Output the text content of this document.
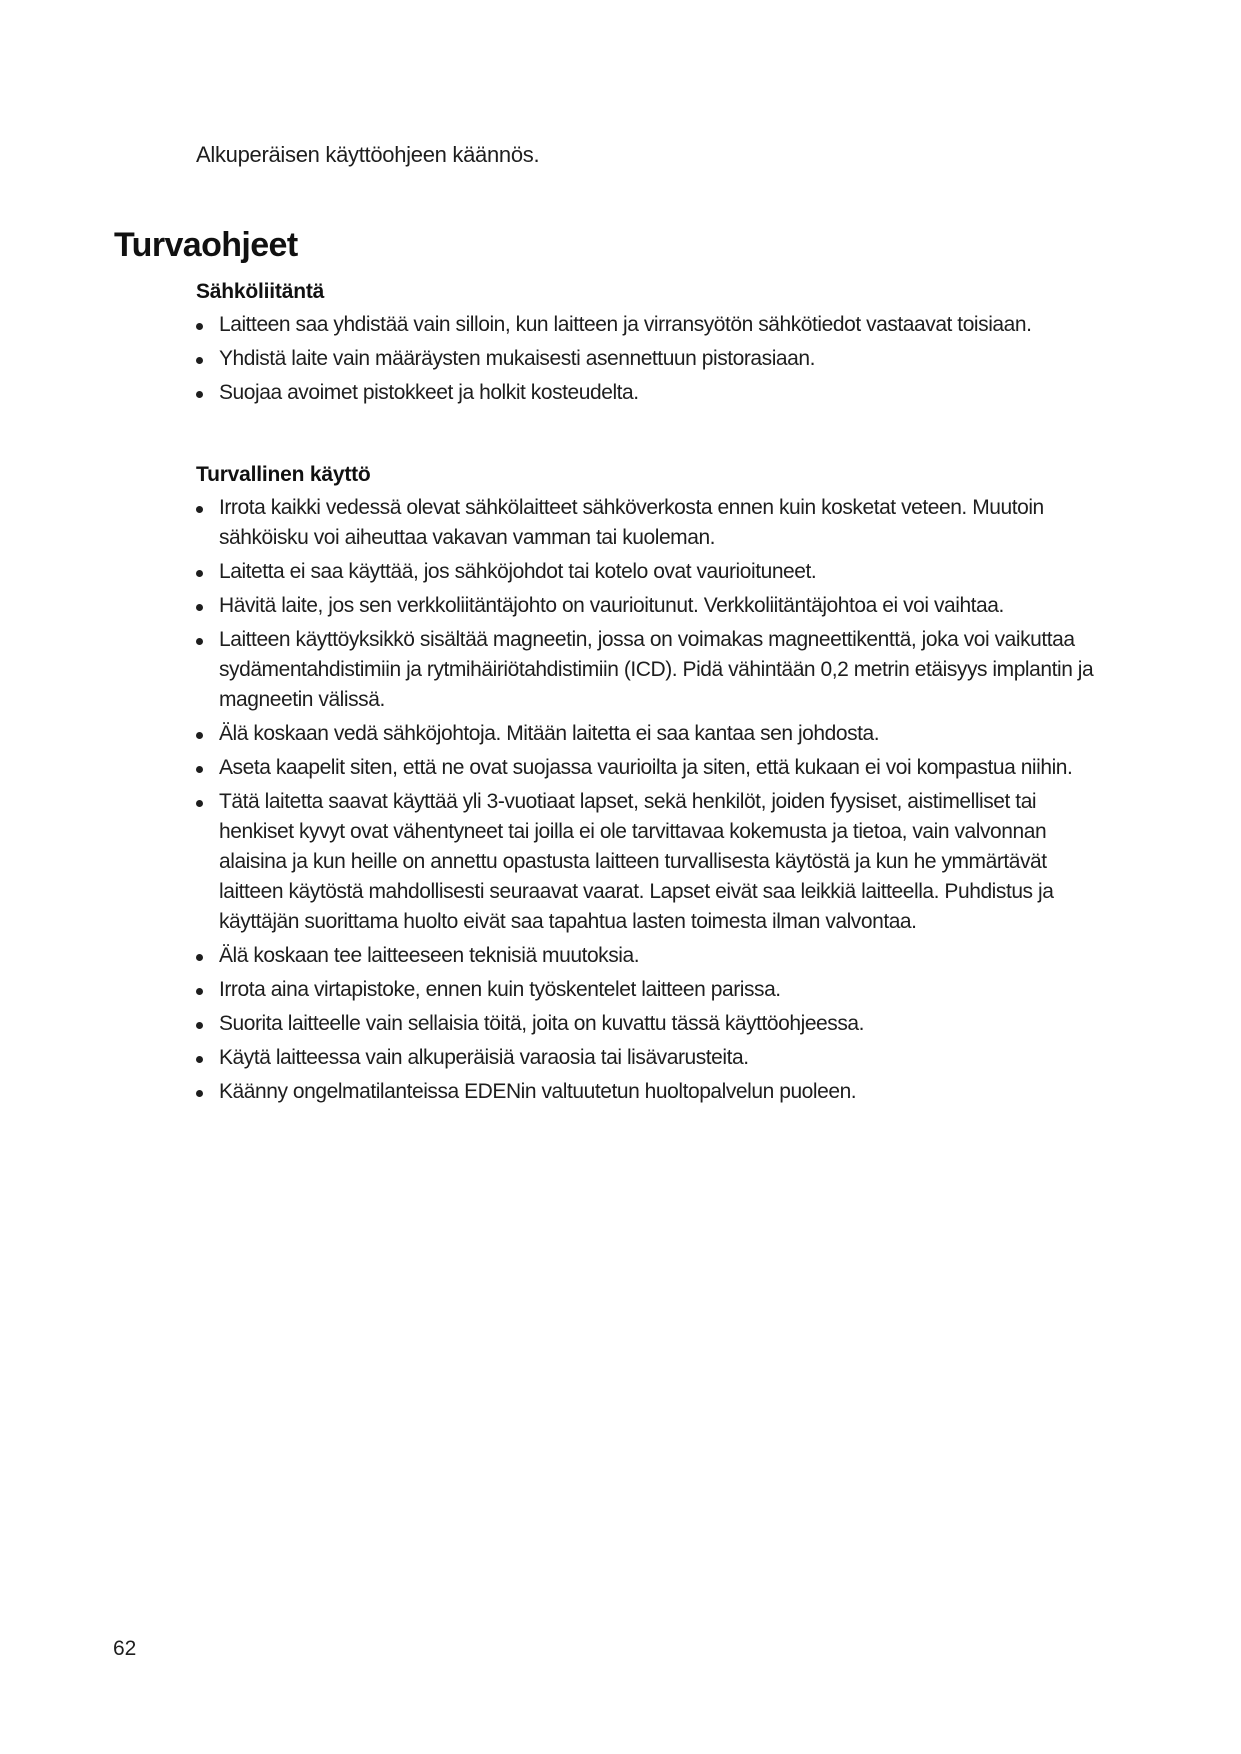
Alkuperäisen käyttöohjeen käännös.

Turvaohjeet
Sähköliitäntä
Laitteen saa yhdistää vain silloin, kun laitteen ja virransyötön sähkötiedot vastaavat toisiaan.
Yhdistä laite vain määräysten mukaisesti asennettuun pistorasiaan.
Suojaa avoimet pistokkeet ja holkit kosteudelta.
Turvallinen käyttö
Irrota kaikki vedessä olevat sähkölaitteet sähköverkosta ennen kuin kosketat veteen. Muutoin sähköisku voi aiheuttaa vakavan vamman tai kuoleman.
Laitetta ei saa käyttää, jos sähköjohdot tai kotelo ovat vaurioituneet.
Hävitä laite, jos sen verkkoliitäntäjohto on vaurioitunut. Verkkoliitäntäjohtoa ei voi vaihtaa.
Laitteen käyttöyksikkö sisältää magneetin, jossa on voimakas magneettikenttä, joka voi vaikuttaa sydämentahdistimiin ja rytmihäiriötahdistimiin (ICD). Pidä vähintään 0,2 metrin etäisyys implantin ja magneetin välissä.
Älä koskaan vedä sähköjohtoja. Mitään laitetta ei saa kantaa sen johdosta.
Aseta kaapelit siten, että ne ovat suojassa vaurioilta ja siten, että kukaan ei voi kompastua niihin.
Tätä laitetta saavat käyttää yli 3-vuotiaat lapset, sekä henkilöt, joiden fyysiset, aistimelliset tai henkiset kyvyt ovat vähentyneet tai joilla ei ole tarvittavaa kokemusta ja tietoa, vain valvonnan alaisina ja kun heille on annettu opastusta laitteen turvallisesta käytöstä ja kun he ymmärtävät laitteen käytöstä mahdollisesti seuraavat vaarat. Lapset eivät saa leikkiä laitteella. Puhdistus ja käyttäjän suorittama huolto eivät saa tapahtua lasten toimesta ilman valvontaa.
Älä koskaan tee laitteeseen teknisiä muutoksia.
Irrota aina virtapistoke, ennen kuin työskentelet laitteen parissa.
Suorita laitteelle vain sellaisia töitä, joita on kuvattu tässä käyttöohjeessa.
Käytä laitteessa vain alkuperäisiä varaosia tai lisävarusteita.
Käänny ongelmatilanteissa EDENin valtuutetun huoltopalvelun puoleen.

62
